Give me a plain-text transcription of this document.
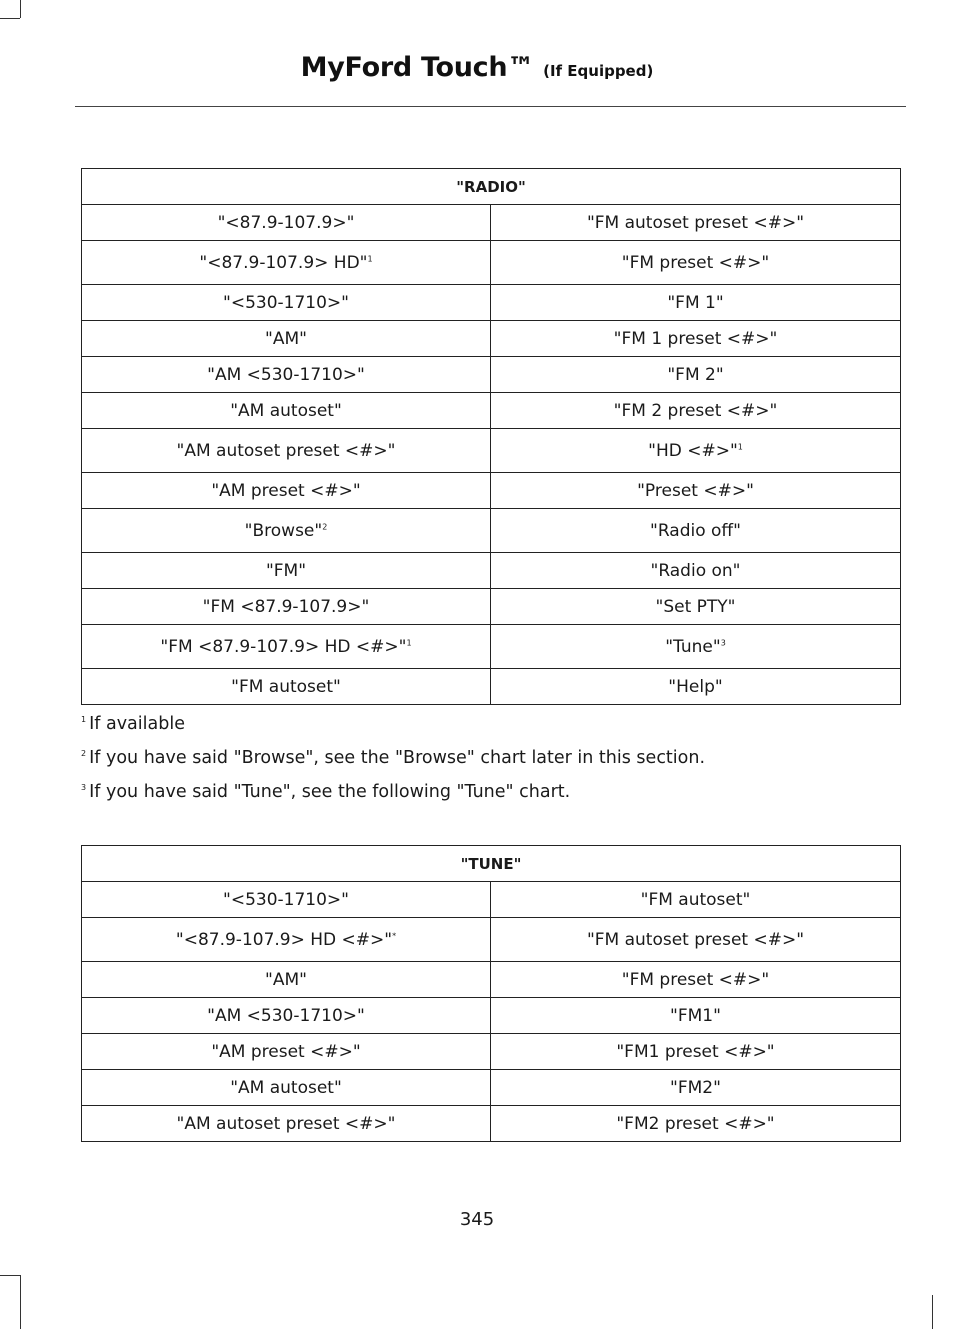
MyFord Touch™ (If Equipped)
"RADIO"	
"<87.9-107.9>"	"FM autoset preset <#>"
"<87.9-107.9> HD"$^1$	"FM preset <#>"
"<530-1710>"	"FM 1"
"AM"	"FM 1 preset <#>"
"AM <530-1710>"	"FM 2"
"AM autoset"	"FM 2 preset <#>"
"AM autoset preset <#>"	"HD <#>"$^1$
"AM preset <#>"	"Preset <#>"
"Browse"$^2$	"Radio off"
"FM"	"Radio on"
"FM <87.9-107.9>"	"Set PTY"
"FM <87.9-107.9> HD <#>"$^1$	"Tune"$^3$
"FM autoset"	"Help"
$^1$ If available
$^2$ If you have said "Browse", see the "Browse" chart later in this section.
$^3$ If you have said "Tune", see the following "Tune" chart.
"TUNE"	
"<530-1710>"	"FM autoset"
"<87.9-107.9> HD <#>"*	"FM autoset preset <#>"
"AM"	"FM preset <#>"
"AM <530-1710>"	"FM1"
"AM preset <#>"	"FM1 preset <#>"
"AM autoset"	"FM2"
"AM autoset preset <#>"	"FM2 preset <#>"
345
